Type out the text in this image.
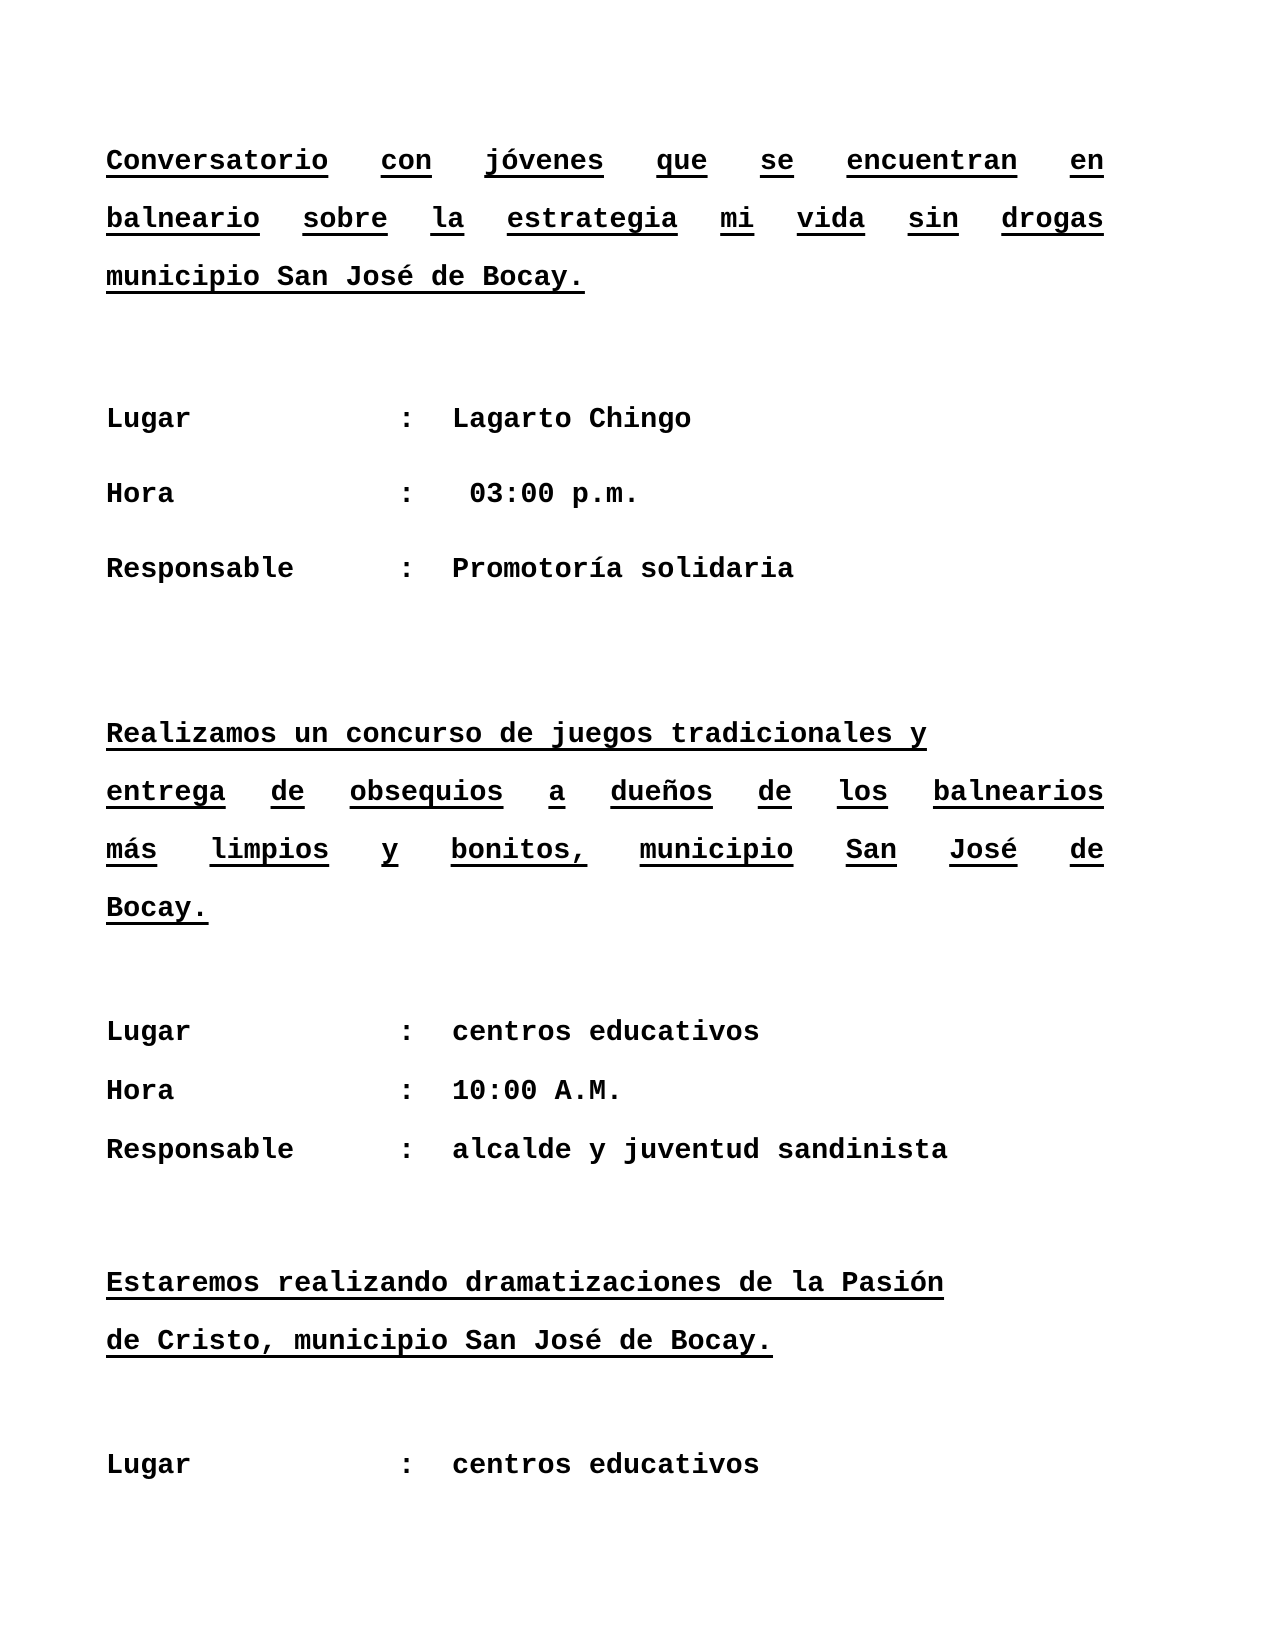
Conversatorio con jóvenes que se encuentran en
balneario sobre la estrategia mi vida sin drogas
municipio San José de Bocay.
Lugar	:	Lagarto Chingo
Hora	:	03:00 p.m.
Responsable	:	Promotoría solidaria
Realizamos un concurso de juegos tradicionales y
entrega de obsequios a dueños de los balnearios
más limpios y bonitos, municipio San José de
Bocay.
Lugar	:	centros educativos
Hora	:	10:00 A.M.
Responsable	:	alcalde y juventud sandinista
Estaremos realizando dramatizaciones de la Pasión
de Cristo, municipio San José de Bocay.
Lugar	:	centros educativos
